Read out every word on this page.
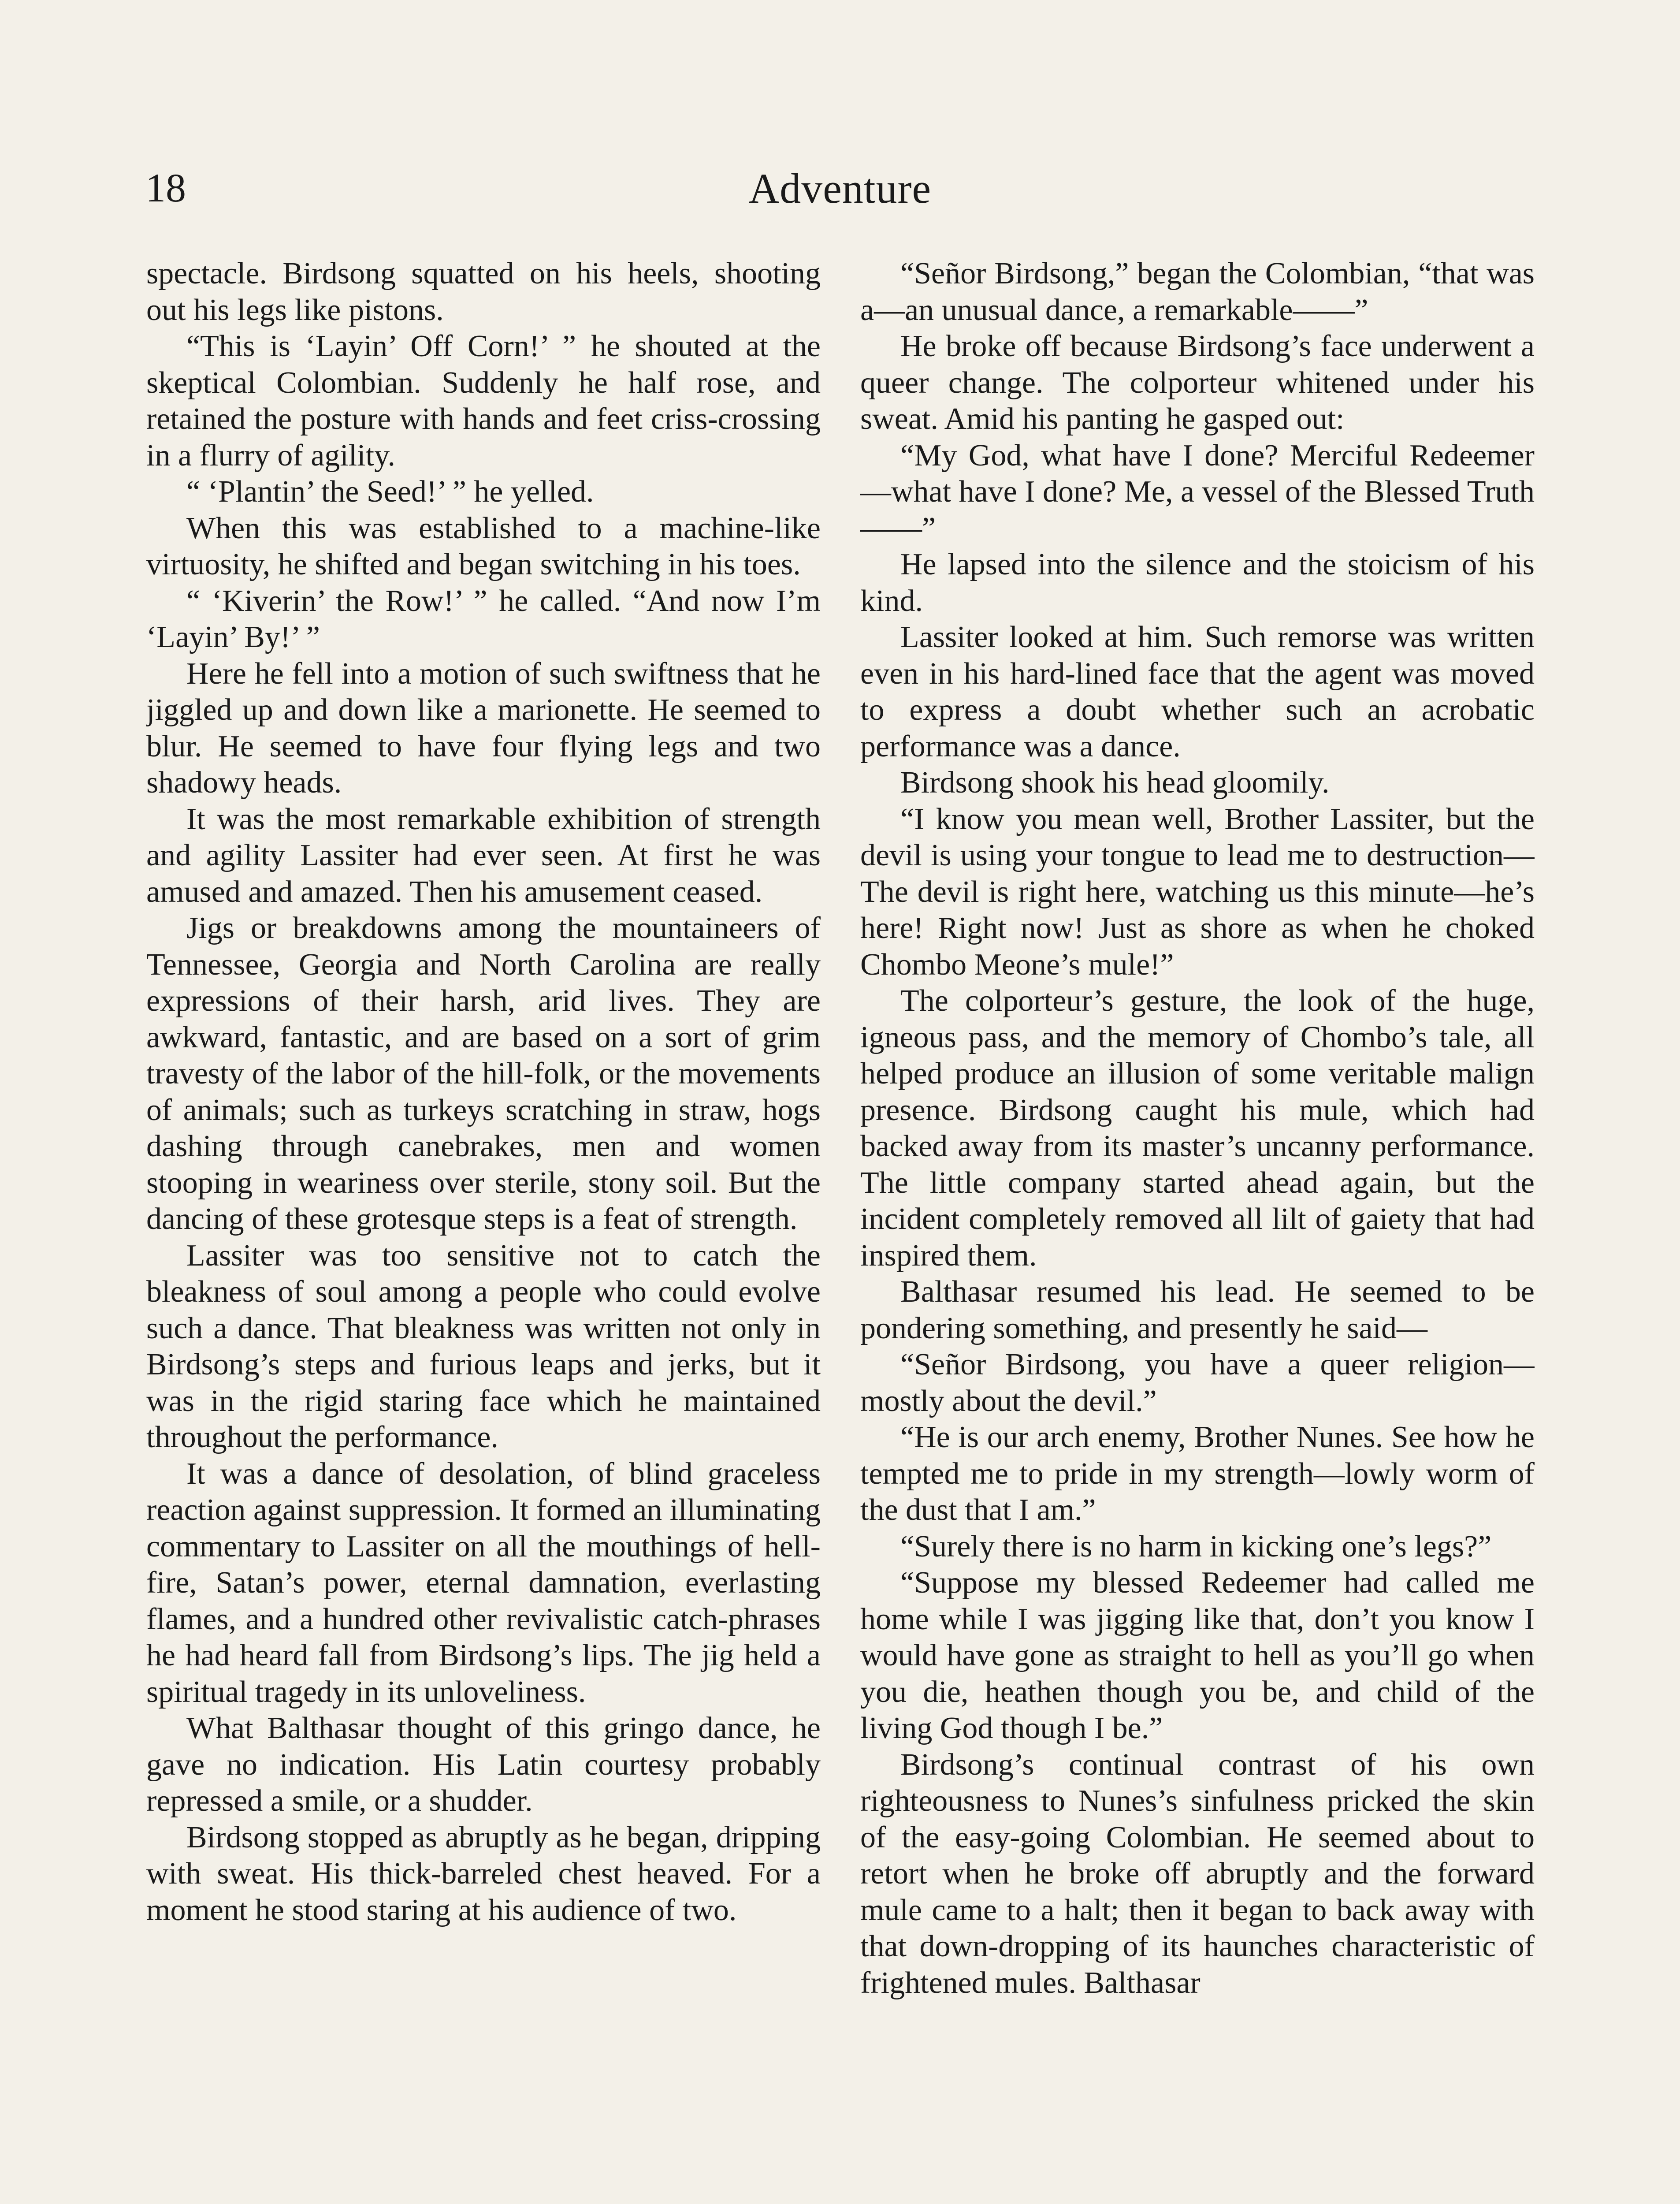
18	Adventure

spectacle. Birdsong squatted on his heels, shooting out his legs like pistons.

“This is ‘Layin’ Off Corn!’ ” he shouted at the skeptical Colombian. Suddenly he half rose, and retained the posture with hands and feet criss-crossing in a flurry of agility.

“ ‘Plantin’ the Seed!’ ” he yelled.

When this was established to a machine-like virtuosity, he shifted and began switching in his toes.

“ ‘Kiverin’ the Row!’ ” he called. “And now I’m ‘Layin’ By!’ ”

Here he fell into a motion of such swiftness that he jiggled up and down like a marionette. He seemed to blur. He seemed to have four flying legs and two shadowy heads.

It was the most remarkable exhibition of strength and agility Lassiter had ever seen. At first he was amused and amazed. Then his amusement ceased.

Jigs or breakdowns among the mountaineers of Tennessee, Georgia and North Carolina are really expressions of their harsh, arid lives. They are awkward, fantastic, and are based on a sort of grim travesty of the labor of the hill-folk, or the movements of animals; such as turkeys scratching in straw, hogs dashing through canebrakes, men and women stooping in weariness over sterile, stony soil. But the dancing of these grotesque steps is a feat of strength.

Lassiter was too sensitive not to catch the bleakness of soul among a people who could evolve such a dance. That bleakness was written not only in Birdsong’s steps and furious leaps and jerks, but it was in the rigid staring face which he maintained throughout the performance.

It was a dance of desolation, of blind graceless reaction against suppression. It formed an illuminating commentary to Lassiter on all the mouthings of hell-fire, Satan’s power, eternal damnation, everlasting flames, and a hundred other revivalistic catch-phrases he had heard fall from Birdsong’s lips. The jig held a spiritual tragedy in its unloveliness.

What Balthasar thought of this gringo dance, he gave no indication. His Latin courtesy probably repressed a smile, or a shudder.

Birdsong stopped as abruptly as he began, dripping with sweat. His thick-barreled chest heaved. For a moment he stood staring at his audience of two.

“Señor Birdsong,” began the Colombian, “that was a—an unusual dance, a remarkable——”

He broke off because Birdsong’s face underwent a queer change. The colporteur whitened under his sweat. Amid his panting he gasped out:

“My God, what have I done? Merciful Redeemer—what have I done? Me, a vessel of the Blessed Truth——”

He lapsed into the silence and the stoicism of his kind.

Lassiter looked at him. Such remorse was written even in his hard-lined face that the agent was moved to express a doubt whether such an acrobatic performance was a dance.

Birdsong shook his head gloomily.

“I know you mean well, Brother Lassiter, but the devil is using your tongue to lead me to destruction—The devil is right here, watching us this minute—he’s here! Right now! Just as shore as when he choked Chombo Meone’s mule!”

The colporteur’s gesture, the look of the huge, igneous pass, and the memory of Chombo’s tale, all helped produce an illusion of some veritable malign presence. Birdsong caught his mule, which had backed away from its master’s uncanny performance. The little company started ahead again, but the incident completely removed all lilt of gaiety that had inspired them.

Balthasar resumed his lead. He seemed to be pondering something, and presently he said—

“Señor Birdsong, you have a queer religion—mostly about the devil.”

“He is our arch enemy, Brother Nunes. See how he tempted me to pride in my strength—lowly worm of the dust that I am.”

“Surely there is no harm in kicking one’s legs?”

“Suppose my blessed Redeemer had called me home while I was jigging like that, don’t you know I would have gone as straight to hell as you’ll go when you die, heathen though you be, and child of the living God though I be.”

Birdsong’s continual contrast of his own righteousness to Nunes’s sinfulness pricked the skin of the easy-going Colombian. He seemed about to retort when he broke off abruptly and the forward mule came to a halt; then it began to back away with that down-dropping of its haunches characteristic of frightened mules. Balthasar
